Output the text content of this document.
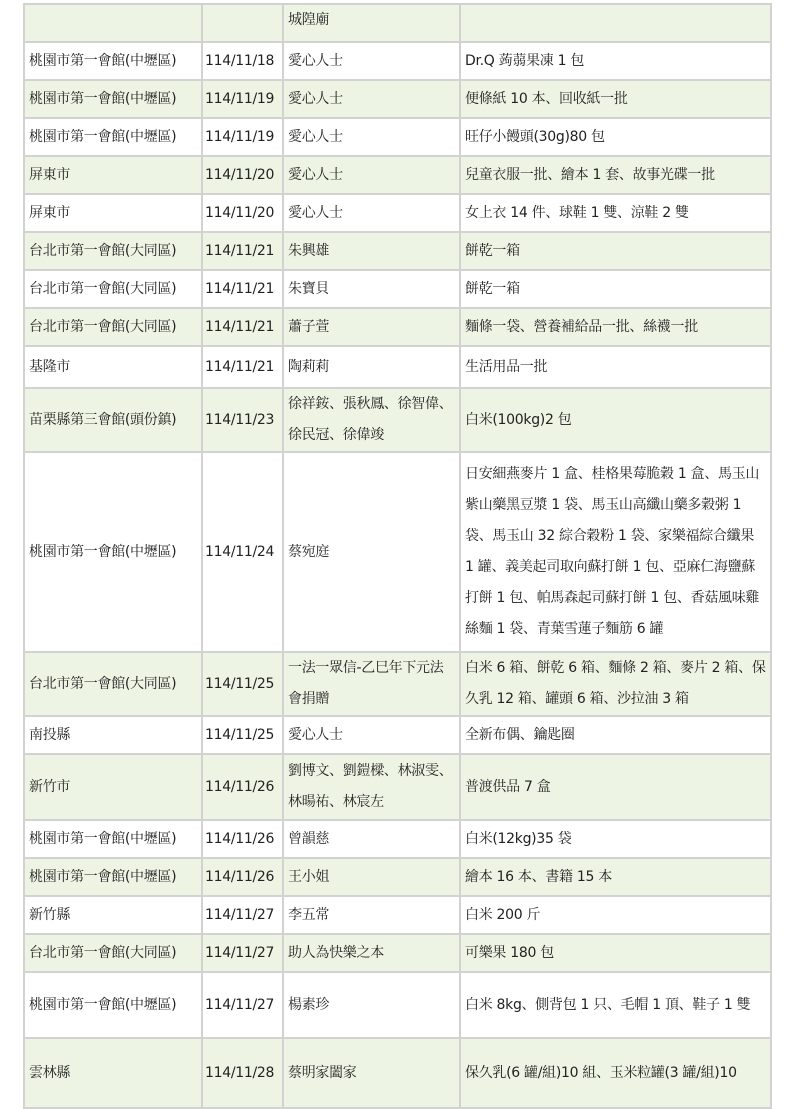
		城隍廟	
桃園市第一會館(中壢區)	114/11/18	愛心人士	Dr.Q 蒟蒻果凍 1 包
桃園市第一會館(中壢區)	114/11/19	愛心人士	便條紙 10 本、回收紙一批
桃園市第一會館(中壢區)	114/11/19	愛心人士	旺仔小饅頭(30g)80 包
屏東市	114/11/20	愛心人士	兒童衣服一批、繪本 1 套、故事光碟一批
屏東市	114/11/20	愛心人士	女上衣 14 件、球鞋 1 雙、涼鞋 2 雙
台北市第一會館(大同區)	114/11/21	朱興雄	餅乾一箱
台北市第一會館(大同區)	114/11/21	朱寶貝	餅乾一箱
台北市第一會館(大同區)	114/11/21	蕭子萱	麵條一袋、營養補給品一批、絲襪一批
基隆市	114/11/21	陶莉莉	生活用品一批
苗栗縣第三會館(頭份鎮)	114/11/23	徐祥銨、張秋鳳、徐智偉、徐民冠、徐偉竣	白米(100kg)2 包
桃園市第一會館(中壢區)	114/11/24	蔡宛庭	日安細燕麥片 1 盒、桂格果莓脆穀 1 盒、馬玉山紫山藥黑豆漿 1 袋、馬玉山高纖山藥多穀粥 1 袋、馬玉山 32 綜合穀粉 1 袋、家樂福綜合纖果 1 罐、義美起司取向蘇打餅 1 包、亞麻仁海鹽蘇打餅 1 包、帕馬森起司蘇打餅 1 包、香菇風味雞絲麵 1 袋、青葉雪蓮子麵筋 6 罐
台北市第一會館(大同區)	114/11/25	一法一眾信-乙巳年下元法會捐贈	白米 6 箱、餅乾 6 箱、麵條 2 箱、麥片 2 箱、保久乳 12 箱、罐頭 6 箱、沙拉油 3 箱
南投縣	114/11/25	愛心人士	全新布偶、鑰匙圈
新竹市	114/11/26	劉博文、劉鎧樑、林淑雯、林暘祐、林宸左	普渡供品 7 盒
桃園市第一會館(中壢區)	114/11/26	曾韻慈	白米(12kg)35 袋
桃園市第一會館(中壢區)	114/11/26	王小姐	繪本 16 本、書籍 15 本
新竹縣	114/11/27	李五常	白米 200 斤
台北市第一會館(大同區)	114/11/27	助人為快樂之本	可樂果 180 包
桃園市第一會館(中壢區)	114/11/27	楊素珍	白米 8kg、側背包 1 只、毛帽 1 頂、鞋子 1 雙
雲林縣	114/11/28	蔡明家闔家	保久乳(6 罐/組)10 組、玉米粒罐(3 罐/組)10
